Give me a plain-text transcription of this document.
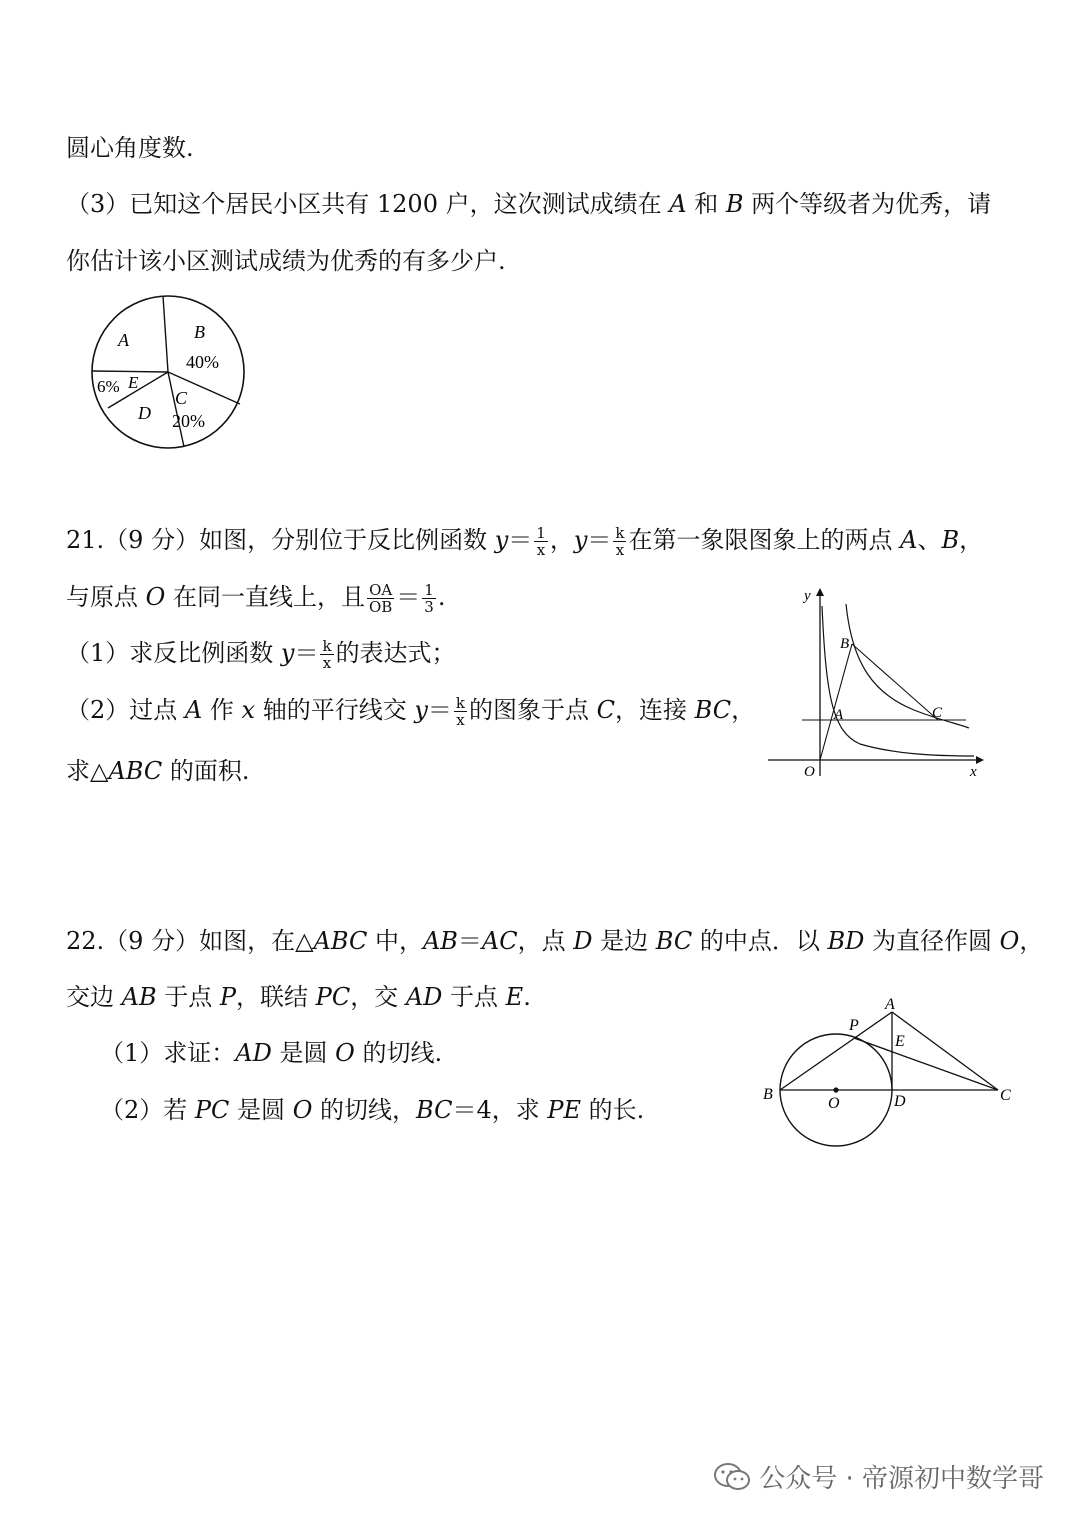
圆心角度数.
（3）已知这个居民小区共有 1200 户，这次测试成绩在 A 和 B 两个等级者为优秀，请
你估计该小区测试成绩为优秀的有多少户.
A	B
40%
C
20%
D
6% E
21.（9 分）如图，分别位于反比例函数 $y= \frac{1}{x}$ ，$y= \frac{k}{x}$ 在第一象限图象上的两点 A、B，
与原点 O 在同一直线上，且 $\frac{OA}{OB} = \frac{1}{3}$ .
（1）求反比例函数 $y= \frac{k}{x}$ 的表达式；
（2）过点 A 作 x 轴的平行线交 $y= \frac{k}{x}$ 的图象于点 C，连接 BC，
求△ABC 的面积.
y
x
O
A
B
C
22.（9 分）如图，在△ABC 中，AB＝AC，点 D 是边 BC 的中点．以 BD 为直径作圆 O，
交边 AB 于点 P，联结 PC，交 AD 于点 E.
（1）求证：AD 是圆 O 的切线.
（2）若 PC 是圆 O 的切线，BC＝4，求 PE 的长.
A
B	C
D
E
O
P
公众号 · 帝源初中数学哥
